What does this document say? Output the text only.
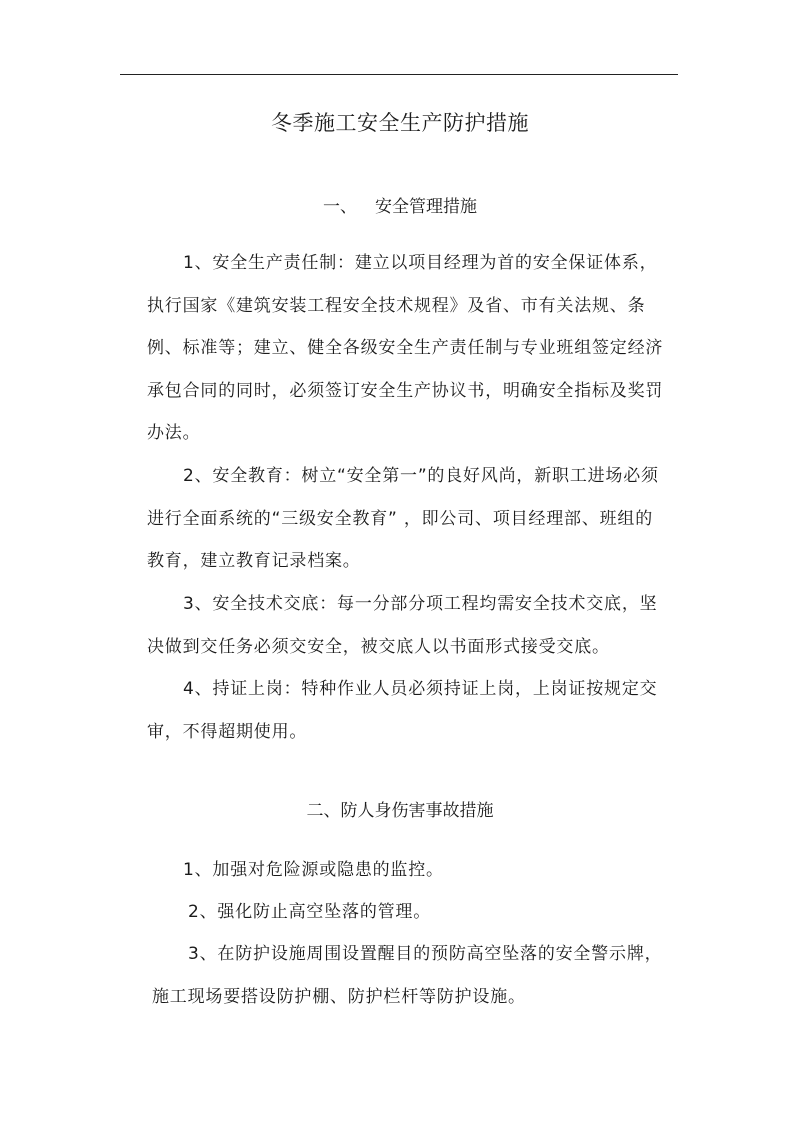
冬季施工安全生产防护措施
一、 安全管理措施

1、安全生产责任制：建立以项目经理为首的安全保证体系，执行国家《建筑安装工程安全技术规程》及省、市有关法规、条例、标准等；建立、健全各级安全生产责任制与专业班组签定经济承包合同的同时，必须签订安全生产协议书，明确安全指标及奖罚办法。

2、安全教育：树立“安全第一”的良好风尚，新职工进场必须进行全面系统的“三级安全教育” ，即公司、项目经理部、班组的教育，建立教育记录档案。

3、安全技术交底：每一分部分项工程均需安全技术交底，坚决做到交任务必须交安全，被交底人以书面形式接受交底。

4、持证上岗：特种作业人员必须持证上岗，上岗证按规定交审，不得超期使用。

二、防人身伤害事故措施
1、加强对危险源或隐患的监控。
2、强化防止高空坠落的管理。
3、在防护设施周围设置醒目的预防高空坠落的安全警示牌，
施工现场要搭设防护棚、防护栏杆等防护设施。
